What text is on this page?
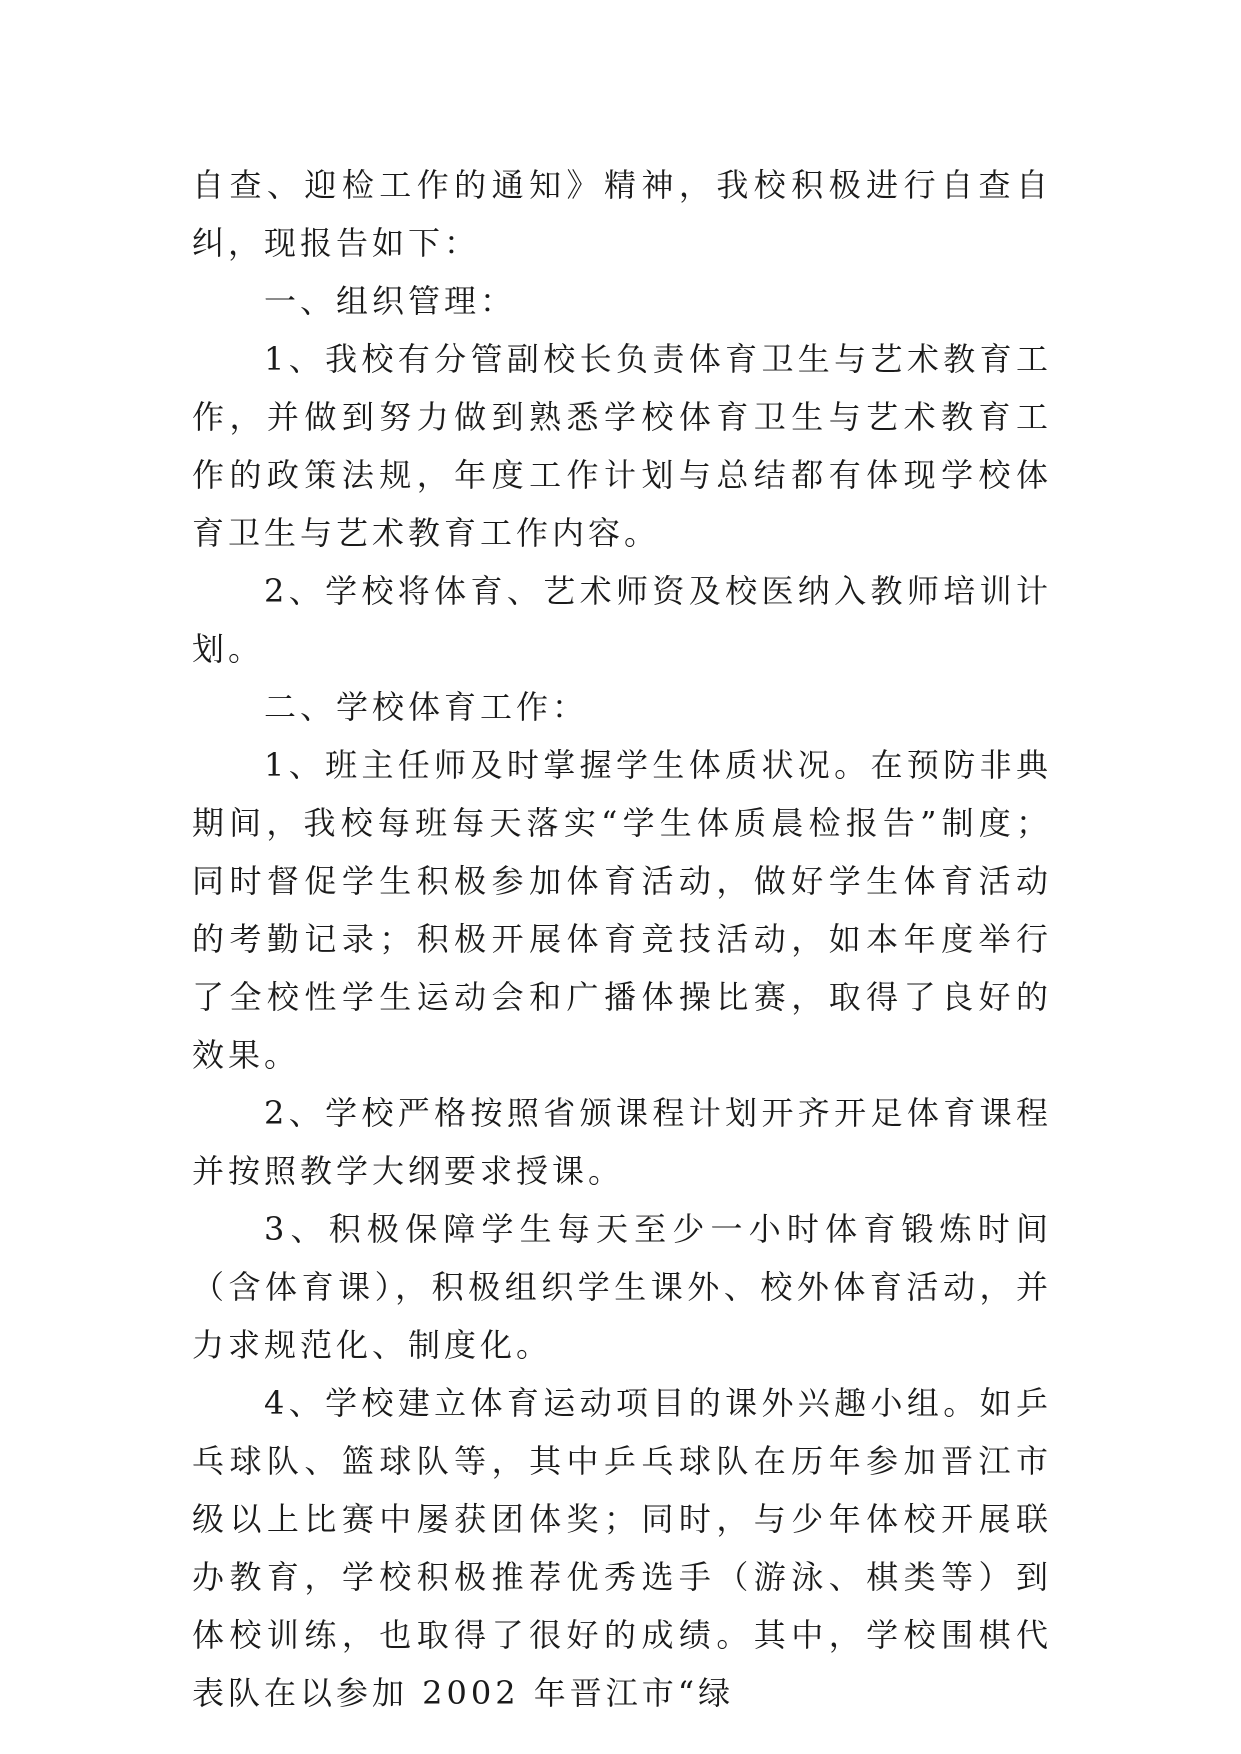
自查、迎检工作的通知》精神，我校积极进行自查自纠，现报告如下：

一、组织管理：

1、我校有分管副校长负责体育卫生与艺术教育工作，并做到努力做到熟悉学校体育卫生与艺术教育工作的政策法规，年度工作计划与总结都有体现学校体育卫生与艺术教育工作内容。

2、学校将体育、艺术师资及校医纳入教师培训计划。

二、学校体育工作：

1、班主任师及时掌握学生体质状况。在预防非典期间，我校每班每天落实“学生体质晨检报告”制度；同时督促学生积极参加体育活动，做好学生体育活动的考勤记录；积极开展体育竞技活动，如本年度举行了全校性学生运动会和广播体操比赛，取得了良好的效果。

2、学校严格按照省颁课程计划开齐开足体育课程并按照教学大纲要求授课。

3、积极保障学生每天至少一小时体育锻炼时间（含体育课），积极组织学生课外、校外体育活动，并力求规范化、制度化。

4、学校建立体育运动项目的课外兴趣小组。如乒乓球队、篮球队等，其中乒乓球队在历年参加晋江市级以上比赛中屡获团体奖；同时，与少年体校开展联办教育，学校积极推荐优秀选手（游泳、棋类等）到体校训练，也取得了很好的成绩。其中，学校围棋代表队在以参加 2002 年晋江市“绿
